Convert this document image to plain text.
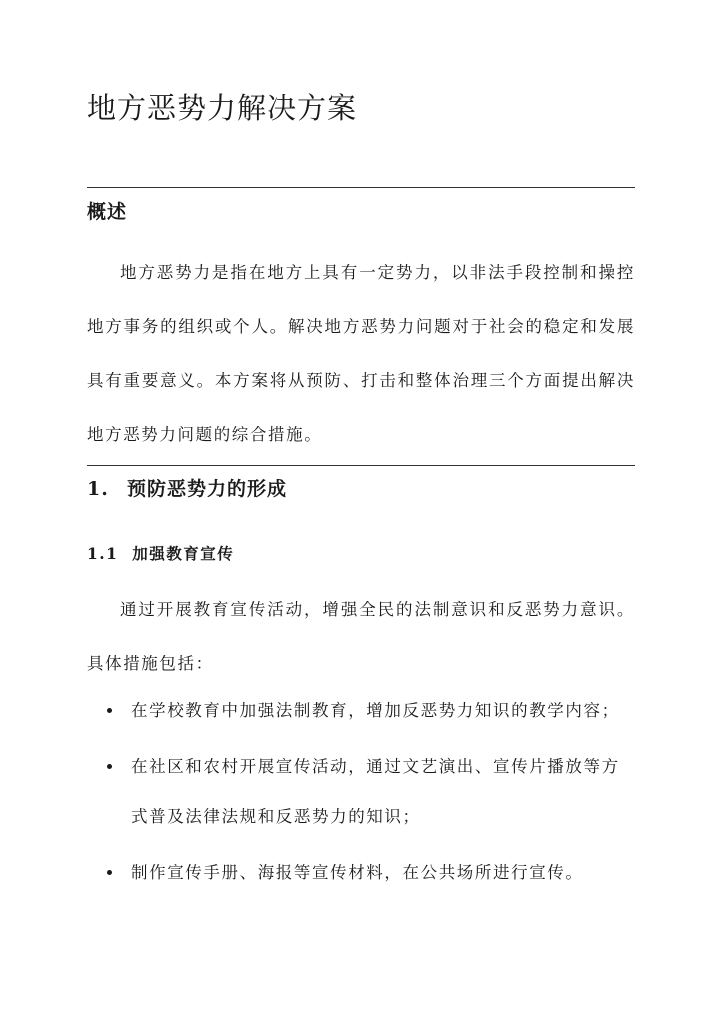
地方恶势力解决方案
概述

地方恶势力是指在地方上具有一定势力，以非法手段控制和操控地方事务的组织或个人。解决地方恶势力问题对于社会的稳定和发展具有重要意义。本方案将从预防、打击和整体治理三个方面提出解决地方恶势力问题的综合措施。

1. 预防恶势力的形成
1.1  加强教育宣传

通过开展教育宣传活动，增强全民的法制意识和反恶势力意识。具体措施包括：

在学校教育中加强法制教育，增加反恶势力知识的教学内容；
在社区和农村开展宣传活动，通过文艺演出、宣传片播放等方式普及法律法规和反恶势力的知识；
制作宣传手册、海报等宣传材料，在公共场所进行宣传。
